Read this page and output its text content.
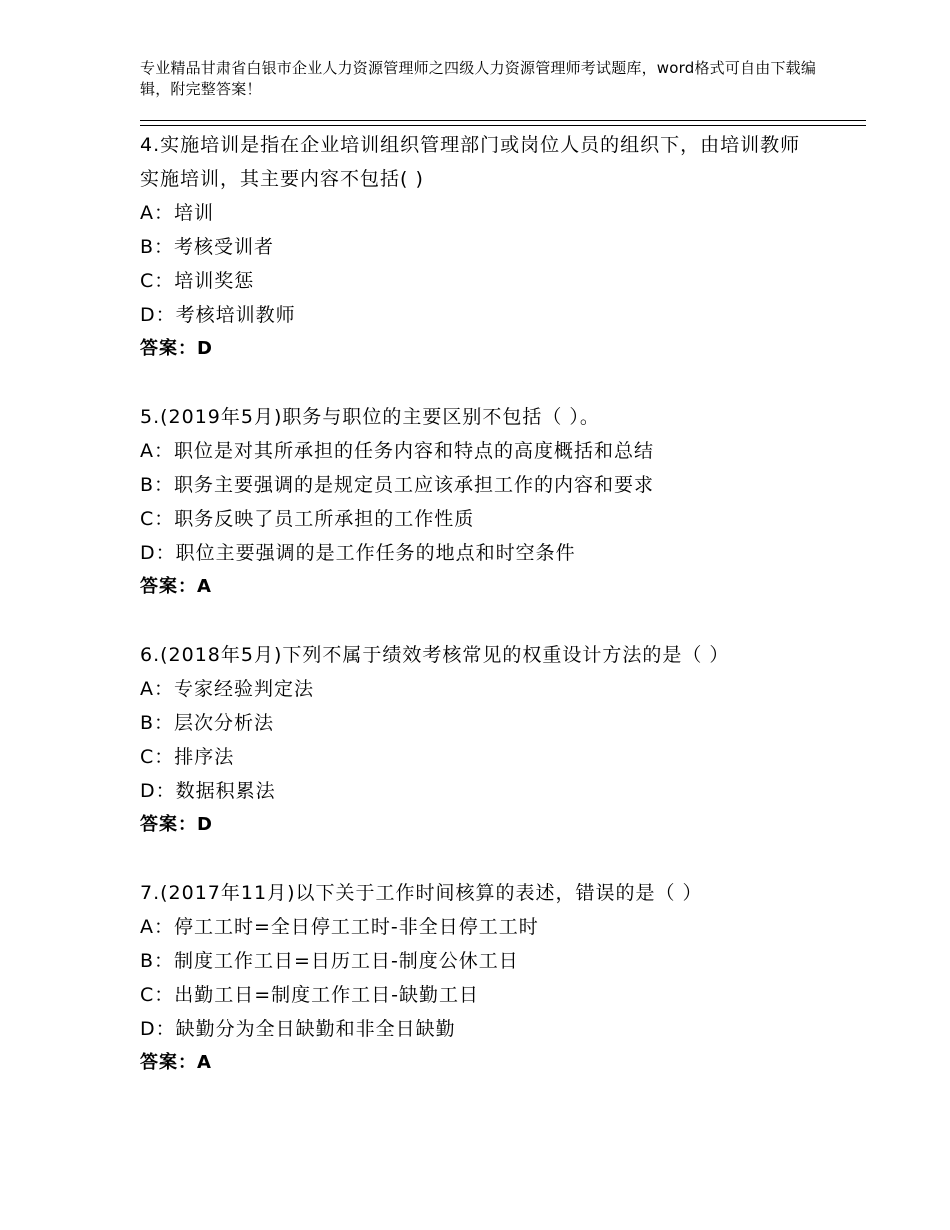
专业精品甘肃省白银市企业人力资源管理师之四级人力资源管理师考试题库，word格式可自由下载编辑，附完整答案！

4.实施培训是指在企业培训组织管理部门或岗位人员的组织下，由培训教师实施培训，其主要内容不包括( )

A：培训

B：考核受训者

C：培训奖惩

D：考核培训教师

答案：D

5.(2019年5月)职务与职位的主要区别不包括（ ）。

A：职位是对其所承担的任务内容和特点的高度概括和总结

B：职务主要强调的是规定员工应该承担工作的内容和要求

C：职务反映了员工所承担的工作性质

D：职位主要强调的是工作任务的地点和时空条件

答案：A

6.(2018年5月)下列不属于绩效考核常见的权重设计方法的是（ ）

A：专家经验判定法

B：层次分析法

C：排序法

D：数据积累法

答案：D

7.(2017年11月)以下关于工作时间核算的表述，错误的是（ ）

A：停工工时=全日停工工时-非全日停工工时

B：制度工作工日=日历工日-制度公休工日

C：出勤工日=制度工作工日-缺勤工日

D：缺勤分为全日缺勤和非全日缺勤

答案：A
